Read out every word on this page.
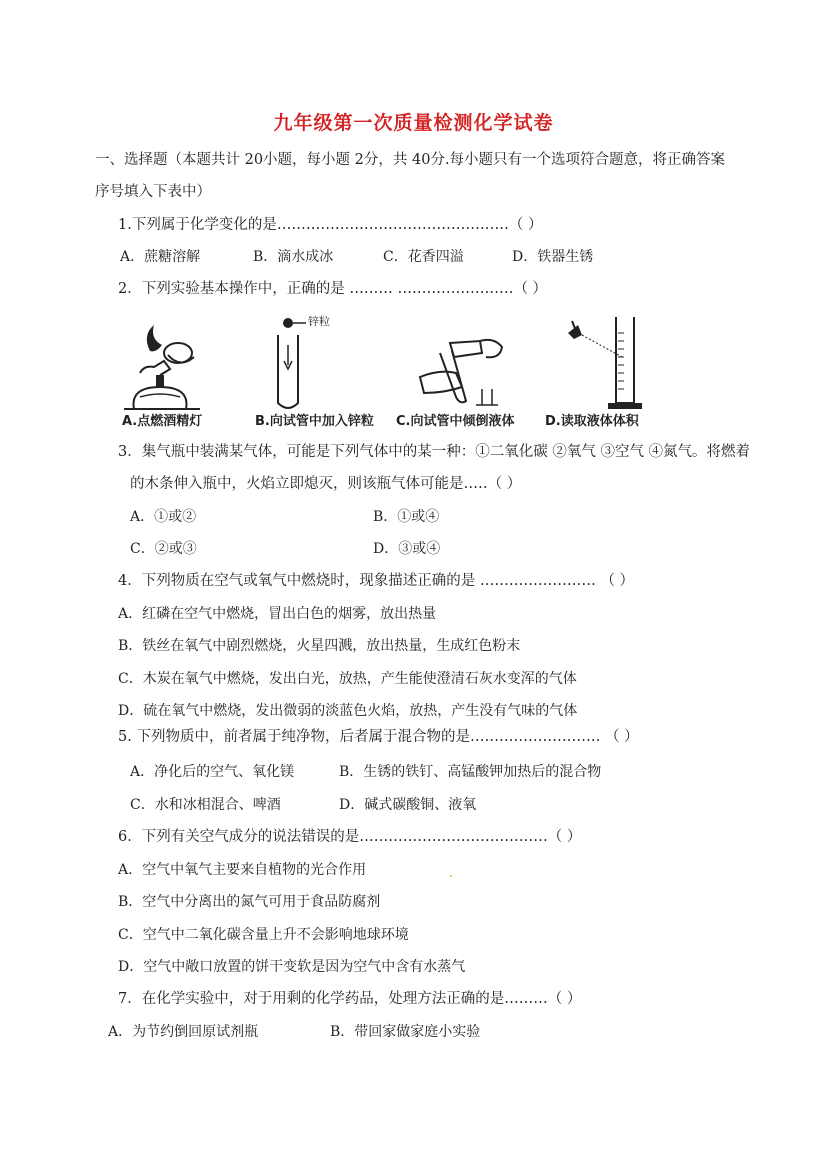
九年级第一次质量检测化学试卷
一、选择题（本题共计 20小题，每小题 2分，共 40分.每小题只有一个选项符合题意，将正确答案
序号填入下表中）
1.下列属于化学变化的是…………………………………………（ ）
A．蔗糖溶解	B．滴水成冰	C．花香四溢	D．铁器生锈
2．下列实验基本操作中，正确的是 ……… ……………………（ ）
A.点燃酒精灯
锌粒
B.向试管中加入锌粒 C.向试管中倾倒液体 D.读取液体体积
3．集气瓶中装满某气体，可能是下列气体中的某一种：①二氧化碳 ②氧气 ③空气 ④氮气。将燃着
的木条伸入瓶中，火焰立即熄灭，则该瓶气体可能是…‥（ ）
A．①或②	B．①或④
C．②或③	D．③或④
4．下列物质在空气或氧气中燃烧时，现象描述正确的是 …………………… （ ）
A．红磷在空气中燃烧，冒出白色的烟雾，放出热量
B．铁丝在氧气中剧烈燃烧，火星四溅，放出热量，生成红色粉末
C．木炭在氧气中燃烧，发出白光，放热，产生能使澄清石灰水变浑的气体
D．硫在氧气中燃烧，发出微弱的淡蓝色火焰，放热，产生没有气味的气体
5. 下列物质中，前者属于纯净物，后者属于混合物的是……………………… （ ）
A．净化后的空气、氧化镁	B．生锈的铁钉、高锰酸钾加热后的混合物
C．水和冰相混合、啤酒	D．碱式碳酸铜、液氧
6．下列有关空气成分的说法错误的是…………………………………（ ）
A．空气中氧气主要来自植物的光合作用	.
B．空气中分离出的氮气可用于食品防腐剂
C．空气中二氧化碳含量上升不会影响地球环境
D．空气中敞口放置的饼干变软是因为空气中含有水蒸气
7．在化学实验中，对于用剩的化学药品，处理方法正确的是………（ ）
A．为节约倒回原试剂瓶	B．带回家做家庭小实验
